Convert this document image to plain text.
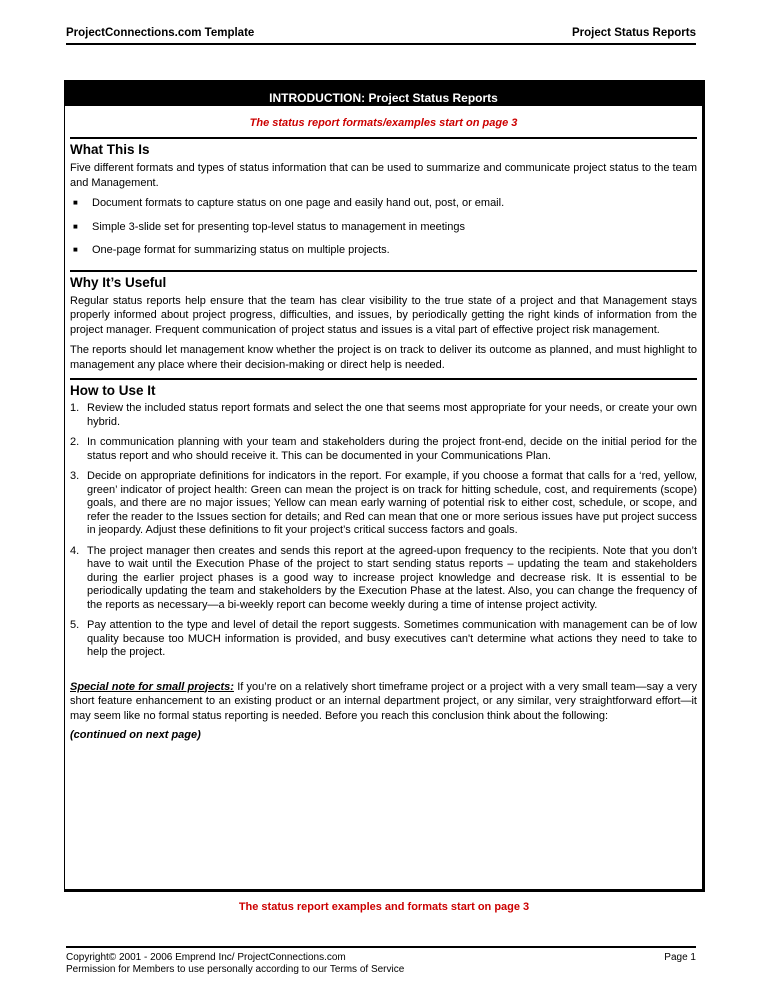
ProjectConnections.com Template	Project Status Reports
INTRODUCTION: Project Status Reports
The status report formats/examples start on page 3
What This Is

Five different formats and types of status information that can be used to summarize and communicate project status to the team and Management.

■ Document formats to capture status on one page and easily hand out, post, or email.
■ Simple 3-slide set for presenting top-level status to management in meetings
■ One-page format for summarizing status on multiple projects.
Why It’s Useful

Regular status reports help ensure that the team has clear visibility to the true state of a project and that Management stays properly informed about project progress, difficulties, and issues, by periodically getting the right kinds of information from the project manager. Frequent communication of project status and issues is a vital part of effective project risk management.

The reports should let management know whether the project is on track to deliver its outcome as planned, and must highlight to management any place where their decision-making or direct help is needed.

How to Use It
1. Review the included status report formats and select the one that seems most appropriate for your needs, or create your own hybrid.
2. In communication planning with your team and stakeholders during the project front-end, decide on the initial period for the status report and who should receive it. This can be documented in your Communications Plan.
3. Decide on appropriate definitions for indicators in the report. For example, if you choose a format that calls for a ‘red, yellow, green’ indicator of project health: Green can mean the project is on track for hitting schedule, cost, and requirements (scope) goals, and there are no major issues; Yellow can mean early warning of potential risk to either cost, schedule, or scope, and refer the reader to the Issues section for details; and Red can mean that one or more serious issues have put project success in jeopardy. Adjust these definitions to fit your project’s critical success factors and goals.
4. The project manager then creates and sends this report at the agreed-upon frequency to the recipients. Note that you don’t have to wait until the Execution Phase of the project to start sending status reports – updating the team and stakeholders during the earlier project phases is a good way to increase project knowledge and decrease risk. It is essential to be periodically updating the team and stakeholders by the Execution Phase at the latest. Also, you can change the frequency of the reports as necessary—a bi-weekly report can become weekly during a time of intense project activity.
5. Pay attention to the type and level of detail the report suggests. Sometimes communication with management can be of low quality because too MUCH information is provided, and busy executives can't determine what actions they need to take to help the project.

Special note for small projects: If you’re on a relatively short timeframe project or a project with a very small team—say a very short feature enhancement to an existing product or an internal department project, or any similar, very straightforward effort—it may seem like no formal status reporting is needed. Before you reach this conclusion think about the following:

(continued on next page)
The status report examples and formats start on page 3
Copyright© 2001 - 2006 Emprend Inc/ ProjectConnections.com
Permission for Members to use personally according to our Terms of Service
Page 1
